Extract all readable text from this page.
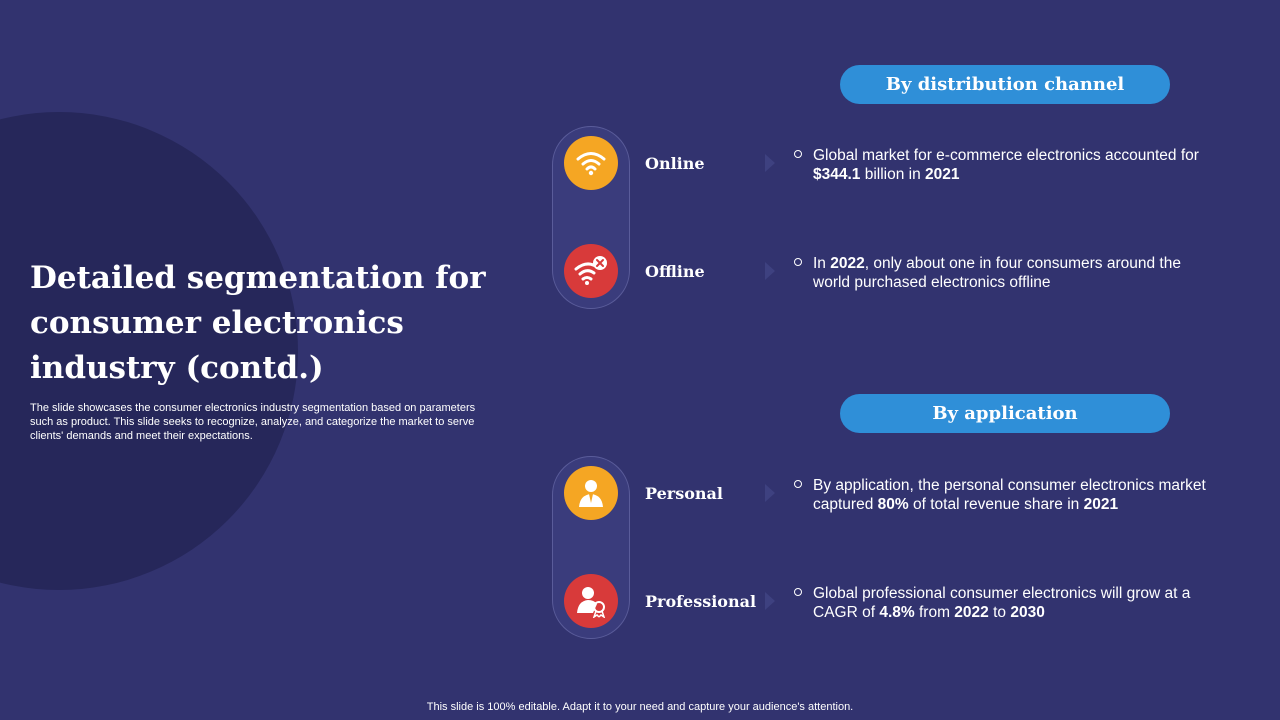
Detailed segmentation for consumer electronics industry (contd.)

The slide showcases the consumer electronics industry segmentation based on parameters such as product. This slide seeks to recognize, analyze, and categorize the market to serve clients' demands and meet their expectations.

By distribution channel
Online	Global market for e-commerce electronics accounted for $344.1 billion in 2021
Offline	In 2022, only about one in four consumers around the world purchased electronics offline
By application
Personal	By application, the personal consumer electronics market captured 80% of total revenue share in 2021
Professional	Global professional consumer electronics will grow at a CAGR of 4.8% from 2022 to 2030
This slide is 100% editable. Adapt it to your need and capture your audience's attention.
